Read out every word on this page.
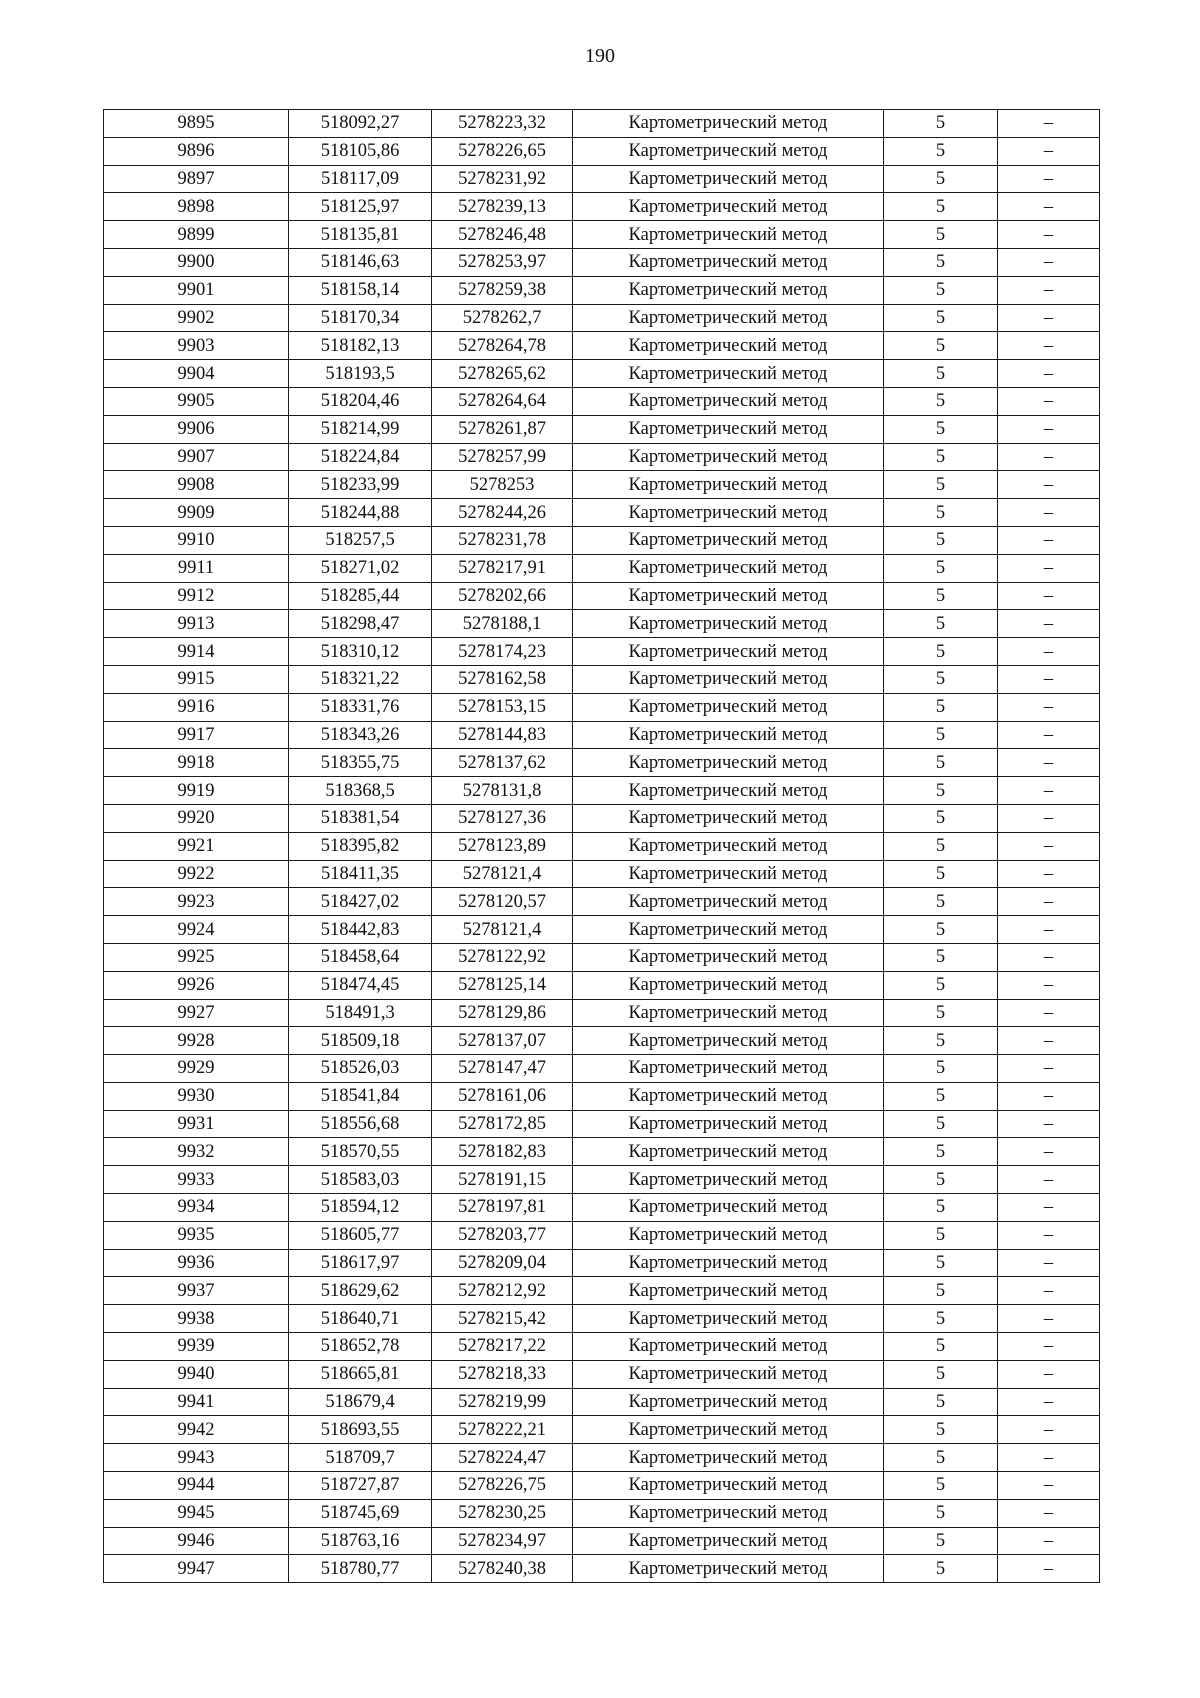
190
9895	518092,27	5278223,32	Картометрический метод	5	–
9896	518105,86	5278226,65	Картометрический метод	5	–
9897	518117,09	5278231,92	Картометрический метод	5	–
9898	518125,97	5278239,13	Картометрический метод	5	–
9899	518135,81	5278246,48	Картометрический метод	5	–
9900	518146,63	5278253,97	Картометрический метод	5	–
9901	518158,14	5278259,38	Картометрический метод	5	–
9902	518170,34	5278262,7	Картометрический метод	5	–
9903	518182,13	5278264,78	Картометрический метод	5	–
9904	518193,5	5278265,62	Картометрический метод	5	–
9905	518204,46	5278264,64	Картометрический метод	5	–
9906	518214,99	5278261,87	Картометрический метод	5	–
9907	518224,84	5278257,99	Картометрический метод	5	–
9908	518233,99	5278253	Картометрический метод	5	–
9909	518244,88	5278244,26	Картометрический метод	5	–
9910	518257,5	5278231,78	Картометрический метод	5	–
9911	518271,02	5278217,91	Картометрический метод	5	–
9912	518285,44	5278202,66	Картометрический метод	5	–
9913	518298,47	5278188,1	Картометрический метод	5	–
9914	518310,12	5278174,23	Картометрический метод	5	–
9915	518321,22	5278162,58	Картометрический метод	5	–
9916	518331,76	5278153,15	Картометрический метод	5	–
9917	518343,26	5278144,83	Картометрический метод	5	–
9918	518355,75	5278137,62	Картометрический метод	5	–
9919	518368,5	5278131,8	Картометрический метод	5	–
9920	518381,54	5278127,36	Картометрический метод	5	–
9921	518395,82	5278123,89	Картометрический метод	5	–
9922	518411,35	5278121,4	Картометрический метод	5	–
9923	518427,02	5278120,57	Картометрический метод	5	–
9924	518442,83	5278121,4	Картометрический метод	5	–
9925	518458,64	5278122,92	Картометрический метод	5	–
9926	518474,45	5278125,14	Картометрический метод	5	–
9927	518491,3	5278129,86	Картометрический метод	5	–
9928	518509,18	5278137,07	Картометрический метод	5	–
9929	518526,03	5278147,47	Картометрический метод	5	–
9930	518541,84	5278161,06	Картометрический метод	5	–
9931	518556,68	5278172,85	Картометрический метод	5	–
9932	518570,55	5278182,83	Картометрический метод	5	–
9933	518583,03	5278191,15	Картометрический метод	5	–
9934	518594,12	5278197,81	Картометрический метод	5	–
9935	518605,77	5278203,77	Картометрический метод	5	–
9936	518617,97	5278209,04	Картометрический метод	5	–
9937	518629,62	5278212,92	Картометрический метод	5	–
9938	518640,71	5278215,42	Картометрический метод	5	–
9939	518652,78	5278217,22	Картометрический метод	5	–
9940	518665,81	5278218,33	Картометрический метод	5	–
9941	518679,4	5278219,99	Картометрический метод	5	–
9942	518693,55	5278222,21	Картометрический метод	5	–
9943	518709,7	5278224,47	Картометрический метод	5	–
9944	518727,87	5278226,75	Картометрический метод	5	–
9945	518745,69	5278230,25	Картометрический метод	5	–
9946	518763,16	5278234,97	Картометрический метод	5	–
9947	518780,77	5278240,38	Картометрический метод	5	–
